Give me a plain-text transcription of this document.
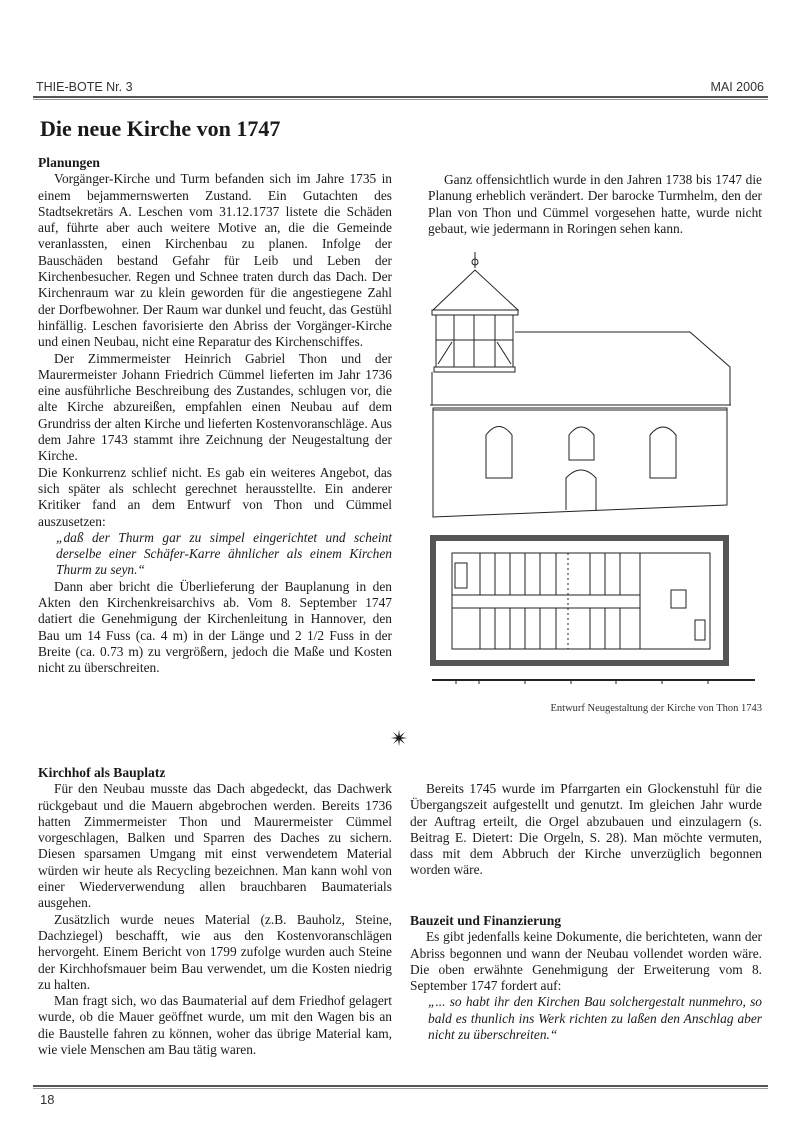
THIE-BOTE Nr. 3	MAI 2006
Die neue Kirche von 1747
Planungen

Vorgänger-Kirche und Turm befanden sich im Jahre 1735 in einem bejammernswerten Zustand. Ein Gutachten des Stadtsekretärs A. Leschen vom 31.12.1737 listete die Schäden auf, führte aber auch weitere Motive an, die die Gemeinde veranlassten, einen Kirchenbau zu planen. Infolge der Bauschäden bestand Gefahr für Leib und Leben der Kirchenbesucher. Regen und Schnee traten durch das Dach. Der Kirchenraum war zu klein geworden für die angestiegene Zahl der Dorfbewohner. Der Raum war dunkel und feucht, das Gestühl hinfällig. Leschen favorisierte den Abriss der Vorgänger-Kirche und einen Neubau, nicht eine Reparatur des Kirchenschiffes.

Der Zimmermeister Heinrich Gabriel Thon und der Maurermeister Johann Friedrich Cümmel lieferten im Jahr 1736 eine ausführliche Beschreibung des Zustandes, schlugen vor, die alte Kirche abzureißen, empfahlen einen Neubau auf dem Grundriss der alten Kirche und lieferten Kostenvoranschläge. Aus dem Jahre 1743 stammt ihre Zeichnung der Neugestaltung der Kirche.

Die Konkurrenz schlief nicht. Es gab ein weiteres Angebot, das sich später als schlecht gerechnet herausstellte. Ein anderer Kritiker fand an dem Entwurf von Thon und Cümmel auszusetzen:

„daß der Thurm gar zu simpel eingerichtet und scheint derselbe einer Schäfer-Karre ähnlicher als einem Kirchen Thurm zu seyn.“

Dann aber bricht die Überlieferung der Bauplanung in den Akten den Kirchenkreisarchivs ab. Vom 8. September 1747 datiert die Genehmigung der Kirchenleitung in Hannover, den Bau um 14 Fuss (ca. 4 m) in der Länge und 2 1/2 Fuss in der Breite (ca. 0.73 m) zu vergrößern, jedoch die Maße und Kosten nicht zu überschreiten.

Ganz offensichtlich wurde in den Jahren 1738 bis 1747 die Planung erheblich verändert. Der barocke Turmhelm, den der Plan von Thon und Cümmel vorgesehen hatte, wurde nicht gebaut, wie jedermann in Roringen sehen kann.

Entwurf Neugestaltung der Kirche von Thon 1743
✴
Kirchhof als Bauplatz

Für den Neubau musste das Dach abgedeckt, das Dachwerk rückgebaut und die Mauern abgebrochen werden. Bereits 1736 hatten Zimmermeister Thon und Maurermeister Cümmel vorgeschlagen, Balken und Sparren des Daches zu sichern. Diesen sparsamen Umgang mit einst verwendetem Material würden wir heute als Recycling bezeichnen. Man kann wohl von einer Wiederverwendung allen brauchbaren Baumaterials ausgehen.

Zusätzlich wurde neues Material (z.B. Bauholz, Steine, Dachziegel) beschafft, wie aus den Kostenvoranschlägen hervorgeht. Einem Bericht von 1799 zufolge wurden auch Steine der Kirchhofsmauer beim Bau verwendet, um die Kosten niedrig zu halten.

Man fragt sich, wo das Baumaterial auf dem Friedhof gelagert wurde, ob die Mauer geöffnet wurde, um mit den Wagen bis an die Baustelle fahren zu können, woher das übrige Material kam, wie viele Menschen am Bau tätig waren.

Bereits 1745 wurde im Pfarrgarten ein Glockenstuhl für die Übergangszeit aufgestellt und genutzt. Im gleichen Jahr wurde der Auftrag erteilt, die Orgel abzubauen und einzulagern (s. Beitrag E. Dietert: Die Orgeln, S. 28). Man möchte vermuten, dass mit dem Abbruch der Kirche unverzüglich begonnen worden wäre.

Bauzeit und Finanzierung

Es gibt jedenfalls keine Dokumente, die berichteten, wann der Abriss begonnen und wann der Neubau vollendet worden wäre. Die oben erwähnte Genehmigung der Erweiterung vom 8. September 1747 fordert auf:

„... so habt ihr den Kirchen Bau solchergestalt nunmehro, so bald es thunlich ins Werk richten zu laßen den Anschlag aber nicht zu überschreiten.“
18
